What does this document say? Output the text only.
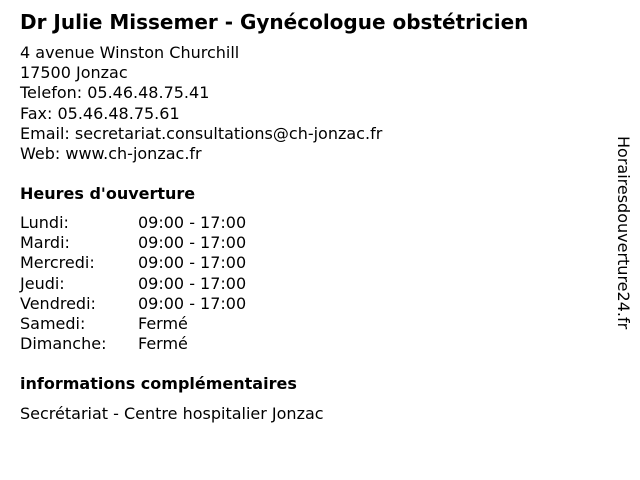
Dr Julie Missemer - Gynécologue obstétricien
4 avenue Winston Churchill
17500 Jonzac
Telefon: 05.46.48.75.41
Fax: 05.46.48.75.61
Email: secretariat.consultations@ch-jonzac.fr
Web: www.ch-jonzac.fr
Heures d'ouverture
Lundi:	09:00 - 17:00
Mardi:	09:00 - 17:00
Mercredi:	09:00 - 17:00
Jeudi:	09:00 - 17:00
Vendredi:	09:00 - 17:00
Samedi:	Fermé
Dimanche:	Fermé
informations complémentaires
Secrétariat - Centre hospitalier Jonzac
Horairesdouverture24.fr
